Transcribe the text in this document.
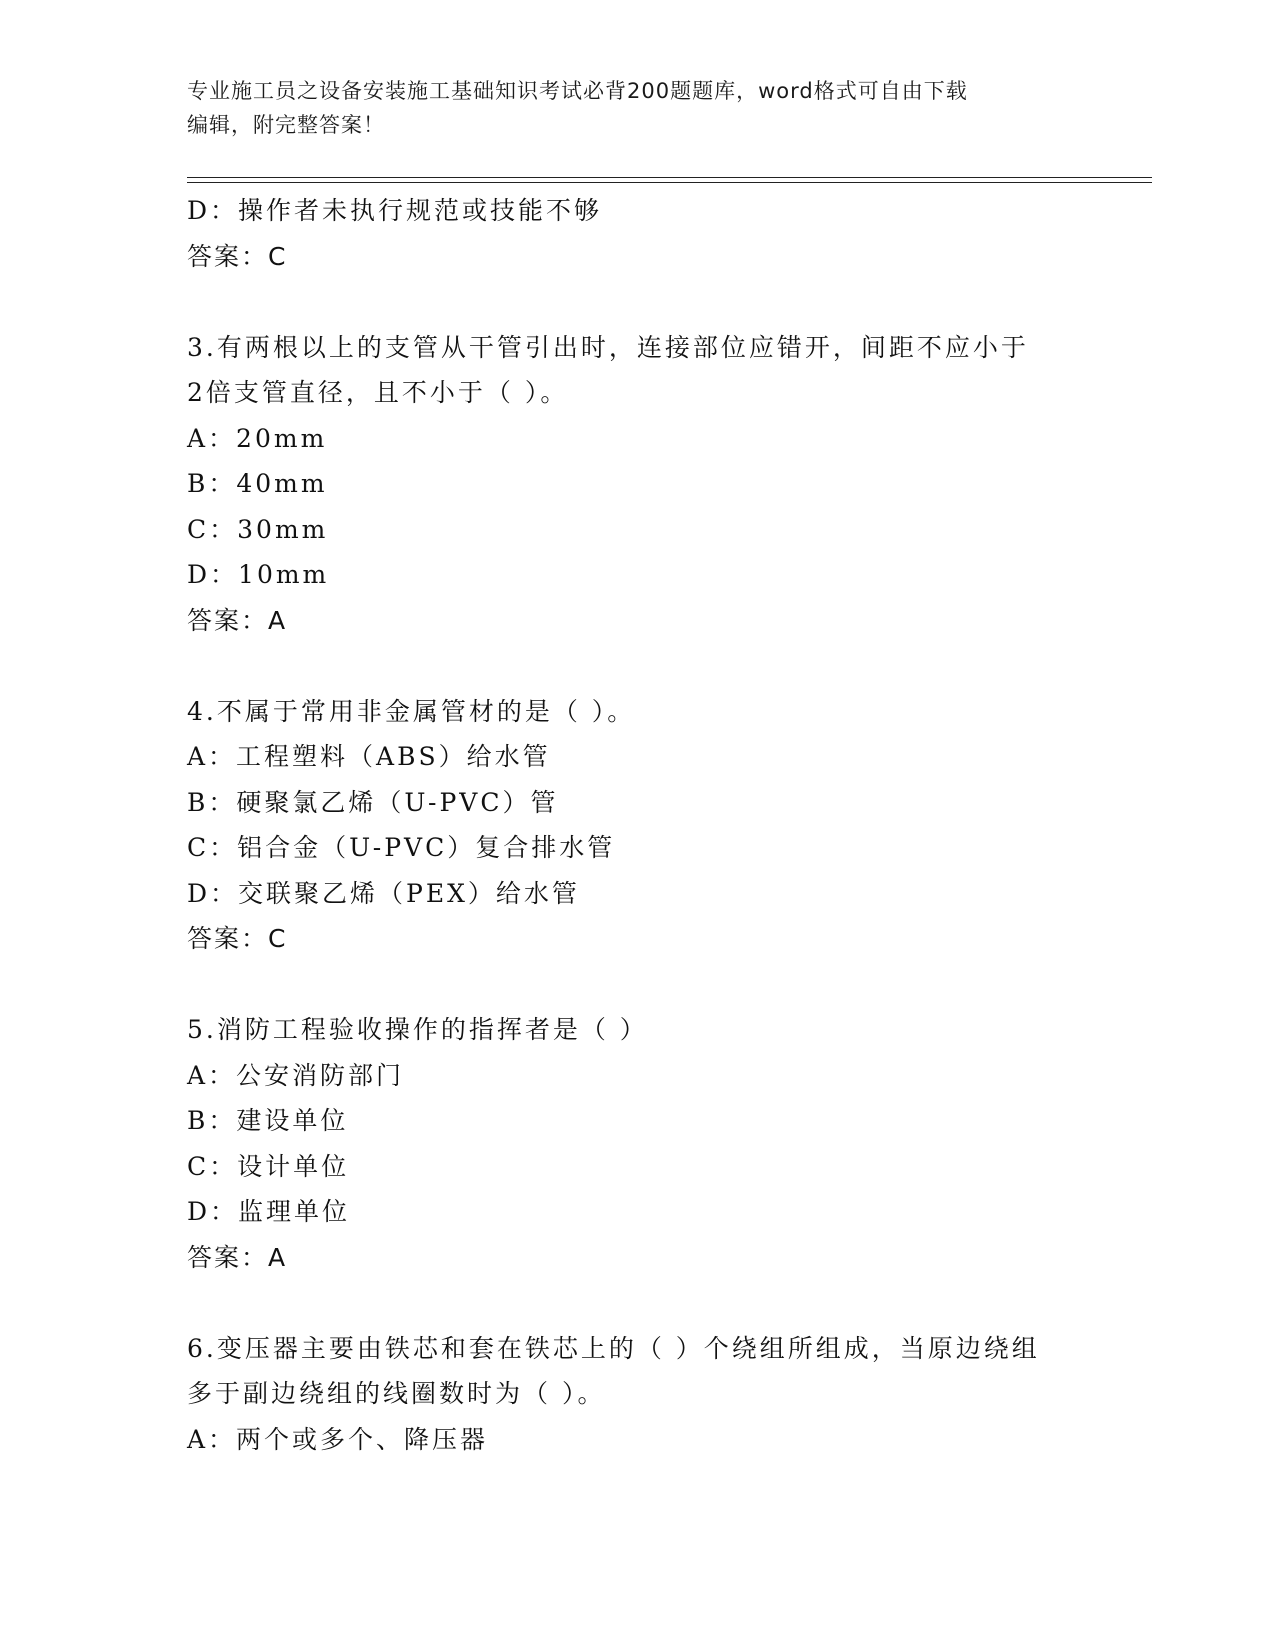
专业施工员之设备安装施工基础知识考试必背200题题库，word格式可自由下载
编辑，附完整答案！
D：操作者未执行规范或技能不够
答案：C
3.有两根以上的支管从干管引出时，连接部位应错开，间距不应小于
2倍支管直径，且不小于（ ）。
A：20mm
B：40mm
C：30mm
D：10mm
答案：A
4.不属于常用非金属管材的是（ ）。
A：工程塑料（ABS）给水管
B：硬聚氯乙烯（U-PVC）管
C：铝合金（U-PVC）复合排水管
D：交联聚乙烯（PEX）给水管
答案：C
5.消防工程验收操作的指挥者是（ ）
A：公安消防部门
B：建设单位
C：设计单位
D：监理单位
答案：A
6.变压器主要由铁芯和套在铁芯上的（ ）个绕组所组成，当原边绕组
多于副边绕组的线圈数时为（ ）。
A：两个或多个、降压器
